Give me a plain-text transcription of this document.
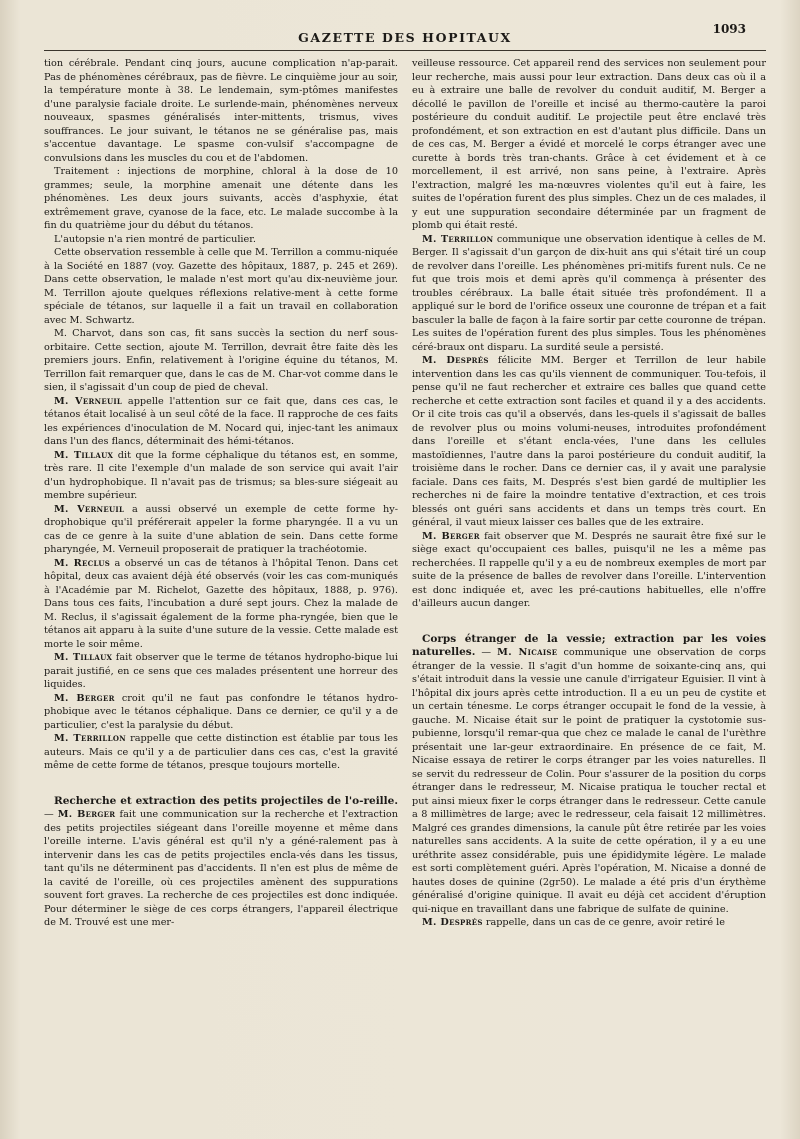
GAZETTE DES HOPITAUX
1093

tion cérébrale. Pendant cinq jours, aucune complication n'ap-parait. Pas de phénomènes cérébraux, pas de fièvre. Le cinquième jour au soir, la température monte à 38. Le lendemain, sym-ptômes manifestes d'une paralysie faciale droite. Le surlende-main, phénomènes nerveux nouveaux, spasmes généralisés inter-mittents, trismus, vives souffrances. Le jour suivant, le tétanos ne se généralise pas, mais s'accentue davantage. Le spasme con-vulsif s'accompagne de convulsions dans les muscles du cou et de l'abdomen.

Traitement : injections de morphine, chloral à la dose de 10 grammes; seule, la morphine amenait une détente dans les phénomènes. Les deux jours suivants, accès d'asphyxie, état extrêmement grave, cyanose de la face, etc. Le malade succombe à la fin du quatrième jour du début du tétanos.

L'autopsie n'a rien montré de particulier.

Cette observation ressemble à celle que M. Terrillon a commu-niquée à la Société en 1887 (voy. Gazette des hôpitaux, 1887, p. 245 et 269). Dans cette observation, le malade n'est mort qu'au dix-neuvième jour. M. Terrillon ajoute quelques réflexions relative-ment à cette forme spéciale de tétanos, sur laquelle il a fait un travail en collaboration avec M. Schwartz.

M. Charvot, dans son cas, fit sans succès la section du nerf sous-orbitaire. Cette section, ajoute M. Terrillon, devrait être faite dès les premiers jours. Enfin, relativement à l'origine équine du tétanos, M. Terrillon fait remarquer que, dans le cas de M. Char-vot comme dans le sien, il s'agissait d'un coup de pied de cheval.

M. Verneuil appelle l'attention sur ce fait que, dans ces cas, le tétanos était localisé à un seul côté de la face. Il rapproche de ces faits les expériences d'inoculation de M. Nocard qui, injec-tant les animaux dans l'un des flancs, déterminait des hémi-tétanos.

M. Tillaux dit que la forme céphalique du tétanos est, en somme, très rare. Il cite l'exemple d'un malade de son service qui avait l'air d'un hydrophobique. Il n'avait pas de trismus; sa bles-sure siégeait au membre supérieur.

M. Verneuil a aussi observé un exemple de cette forme hy-drophobique qu'il préférerait appeler la forme pharyngée. Il a vu un cas de ce genre à la suite d'une ablation de sein. Dans cette forme pharyngée, M. Verneuil proposerait de pratiquer la trachéotomie.

M. Reclus a observé un cas de tétanos à l'hôpital Tenon. Dans cet hôpital, deux cas avaient déjà été observés (voir les cas com-muniqués à l'Académie par M. Richelot, Gazette des hôpitaux, 1888, p. 976). Dans tous ces faits, l'incubation a duré sept jours. Chez la malade de M. Reclus, il s'agissait également de la forme pha-ryngée, bien que le tétanos ait apparu à la suite d'une suture de la vessie. Cette malade est morte le soir même.

M. Tillaux fait observer que le terme de tétanos hydropho-bique lui parait justifié, en ce sens que ces malades présentent une horreur des liquides.

M. Berger croit qu'il ne faut pas confondre le tétanos hydro-phobique avec le tétanos céphalique. Dans ce dernier, ce qu'il y a de particulier, c'est la paralysie du début.

M. Terrillon rappelle que cette distinction est établie par tous les auteurs. Mais ce qu'il y a de particulier dans ces cas, c'est la gravité même de cette forme de tétanos, presque toujours mortelle.

Recherche et extraction des petits projectiles de l'o-reille. — M. Berger fait une communication sur la recherche et l'extraction des petits projectiles siégeant dans l'oreille moyenne et même dans l'oreille interne. L'avis général est qu'il n'y a géné-ralement pas à intervenir dans les cas de petits projectiles encla-vés dans les tissus, tant qu'ils ne déterminent pas d'accidents. Il n'en est plus de même de la cavité de l'oreille, où ces projectiles amènent des suppurations souvent fort graves. La recherche de ces projectiles est donc indiquée. Pour déterminer le siège de ces corps étrangers, l'appareil électrique de M. Trouvé est une mer-

veilleuse ressource. Cet appareil rend des services non seulement pour leur recherche, mais aussi pour leur extraction. Dans deux cas où il a eu à extraire une balle de revolver du conduit auditif, M. Berger a décollé le pavillon de l'oreille et incisé au thermo-cautère la paroi postérieure du conduit auditif. Le projectile peut être enclavé très profondément, et son extraction en est d'autant plus difficile. Dans un de ces cas, M. Berger a évidé et morcelé le corps étranger avec une curette à bords très tran-chants. Grâce à cet évidement et à ce morcellement, il est arrivé, non sans peine, à l'extraire. Après l'extraction, malgré les ma-nœuvres violentes qu'il eut à faire, les suites de l'opération furent des plus simples. Chez un de ces malades, il y eut une suppuration secondaire déterminée par un fragment de plomb qui était resté.

M. Terrillon communique une observation identique à celles de M. Berger. Il s'agissait d'un garçon de dix-huit ans qui s'était tiré un coup de revolver dans l'oreille. Les phénomènes pri-mitifs furent nuls. Ce ne fut que trois mois et demi après qu'il commença à présenter des troubles cérébraux. La balle était située très profondément. Il a appliqué sur le bord de l'orifice osseux une couronne de trépan et a fait basculer la balle de façon à la faire sortir par cette couronne de trépan. Les suites de l'opération furent des plus simples. Tous les phénomènes céré-braux ont disparu. La surdité seule a persisté.

M. Després félicite MM. Berger et Terrillon de leur habile intervention dans les cas qu'ils viennent de communiquer. Tou-tefois, il pense qu'il ne faut rechercher et extraire ces balles que quand cette recherche et cette extraction sont faciles et quand il y a des accidents. Or il cite trois cas qu'il a observés, dans les-quels il s'agissait de balles de revolver plus ou moins volumi-neuses, introduites profondément dans l'oreille et s'étant encla-vées, l'une dans les cellules mastoïdiennes, l'autre dans la paroi postérieure du conduit auditif, la troisième dans le rocher. Dans ce dernier cas, il y avait une paralysie faciale. Dans ces faits, M. Després s'est bien gardé de multiplier les recherches ni de faire la moindre tentative d'extraction, et ces trois blessés ont guéri sans accidents et dans un temps très court. En général, il vaut mieux laisser ces balles que de les extraire.

M. Berger fait observer que M. Després ne saurait être fixé sur le siège exact qu'occupaient ces balles, puisqu'il ne les a même pas recherchées. Il rappelle qu'il y a eu de nombreux exemples de mort par suite de la présence de balles de revolver dans l'oreille. L'intervention est donc indiquée et, avec les pré-cautions habituelles, elle n'offre d'ailleurs aucun danger.

Corps étranger de la vessie; extraction par les voies naturelles. — M. Nicaise communique une observation de corps étranger de la vessie. Il s'agit d'un homme de soixante-cinq ans, qui s'était introduit dans la vessie une canule d'irrigateur Eguisier. Il vint à l'hôpital dix jours après cette introduction. Il a eu un peu de cystite et un certain ténesme. Le corps étranger occupait le fond de la vessie, à gauche. M. Nicaise était sur le point de pratiquer la cystotomie sus-pubienne, lorsqu'il remar-qua que chez ce malade le canal de l'urèthre présentait une lar-geur extraordinaire. En présence de ce fait, M. Nicaise essaya de retirer le corps étranger par les voies naturelles. Il se servit du redresseur de Colin. Pour s'assurer de la position du corps étranger dans le redresseur, M. Nicaise pratiqua le toucher rectal et put ainsi mieux fixer le corps étranger dans le redresseur. Cette canule a 8 millimètres de large; avec le redresseur, cela faisait 12 millimètres. Malgré ces grandes dimensions, la canule pût être retirée par les voies naturelles sans accidents. A la suite de cette opération, il y a eu une uréthrite assez considérable, puis une épididymite légère. Le malade est sorti complètement guéri. Après l'opération, M. Nicaise a donné de hautes doses de quinine (2gr50). Le malade a été pris d'un érythème généralisé d'origine quinique. Il avait eu déjà cet accident d'éruption qui-nique en travaillant dans une fabrique de sulfate de quinine.

M. Després rappelle, dans un cas de ce genre, avoir retiré le
